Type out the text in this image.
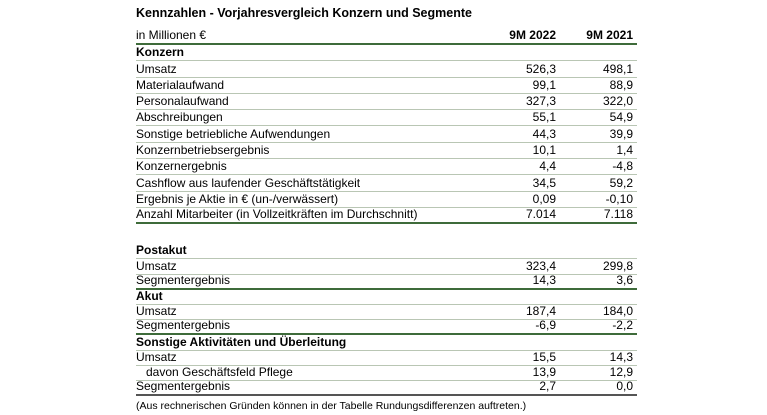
Kennzahlen - Vorjahresvergleich Konzern und Segmente
in Millionen €	9M 2022	9M 2021
Konzern
Umsatz	526,3	498,1
Materialaufwand	99,1	88,9
Personalaufwand	327,3	322,0
Abschreibungen	55,1	54,9
Sonstige betriebliche Aufwendungen	44,3	39,9
Konzernbetriebsergebnis	10,1	1,4
Konzernergebnis	4,4	-4,8
Cashflow aus laufender Geschäftstätigkeit	34,5	59,2
Ergebnis je Aktie in € (un-/verwässert)	0,09	-0,10
Anzahl Mitarbeiter (in Vollzeitkräften im Durchschnitt)	7.014	7.118
Postakut
Umsatz	323,4	299,8
Segmentergebnis	14,3	3,6
Akut
Umsatz	187,4	184,0
Segmentergebnis	-6,9	-2,2
Sonstige Aktivitäten und Überleitung
Umsatz	15,5	14,3
davon Geschäftsfeld Pflege	13,9	12,9
Segmentergebnis	2,7	0,0
(Aus rechnerischen Gründen können in der Tabelle Rundungsdifferenzen auftreten.)
